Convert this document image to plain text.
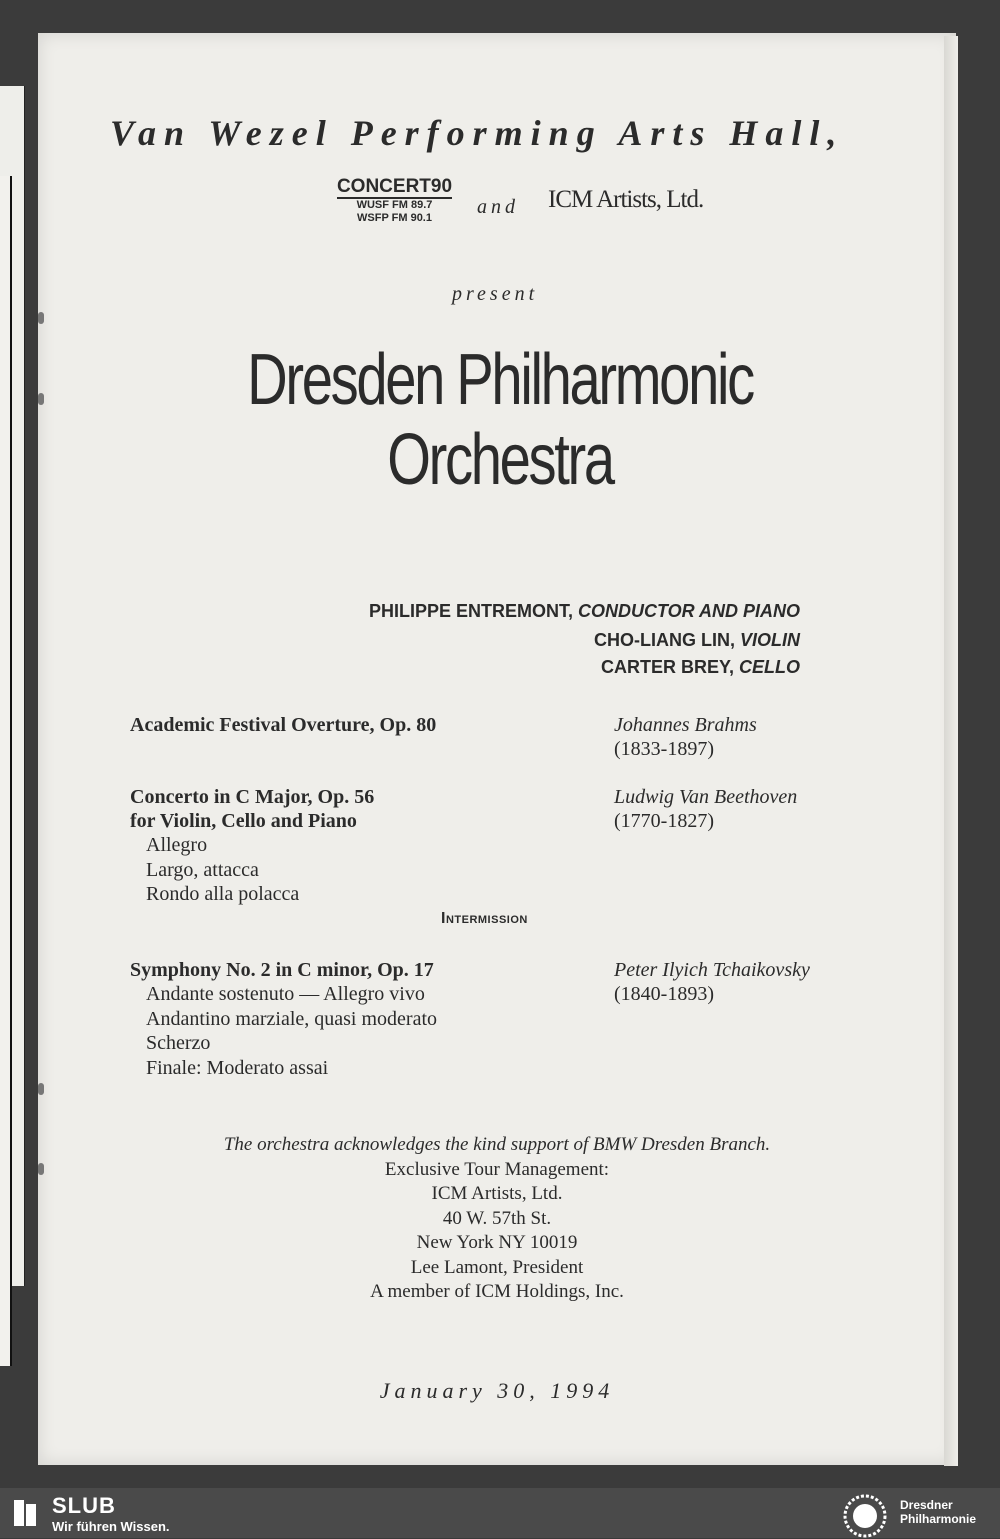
Van Wezel Performing Arts Hall,
CONCERT90
WUSF FM 89.7
WSFP FM 90.1	and ICM Artists, Ltd.
present
Dresden Philharmonic
Orchestra
PHILIPPE ENTREMONT, CONDUCTOR AND PIANO
CHO-LIANG LIN, VIOLIN
CARTER BREY, CELLO
Academic Festival Overture, Op. 80	Johannes Brahms
(1833-1897)
Concerto in C Major, Op. 56
for Violin, Cello and Piano
Ludwig Van Beethoven
(1770-1827)
Allegro
Largo, attacca
Rondo alla polacca
Intermission
Symphony No. 2 in C minor, Op. 17	Peter Ilyich Tchaikovsky
(1840-1893)
Andante sostenuto — Allegro vivo
Andantino marziale, quasi moderato
Scherzo
Finale: Moderato assai
The orchestra acknowledges the kind support of BMW Dresden Branch.
Exclusive Tour Management:
ICM Artists, Ltd.
40 W. 57th St.
New York NY 10019
Lee Lamont, President
A member of ICM Holdings, Inc.
January 30, 1994
SLUB
Wir führen Wissen.
Dresdner
Philharmonie
